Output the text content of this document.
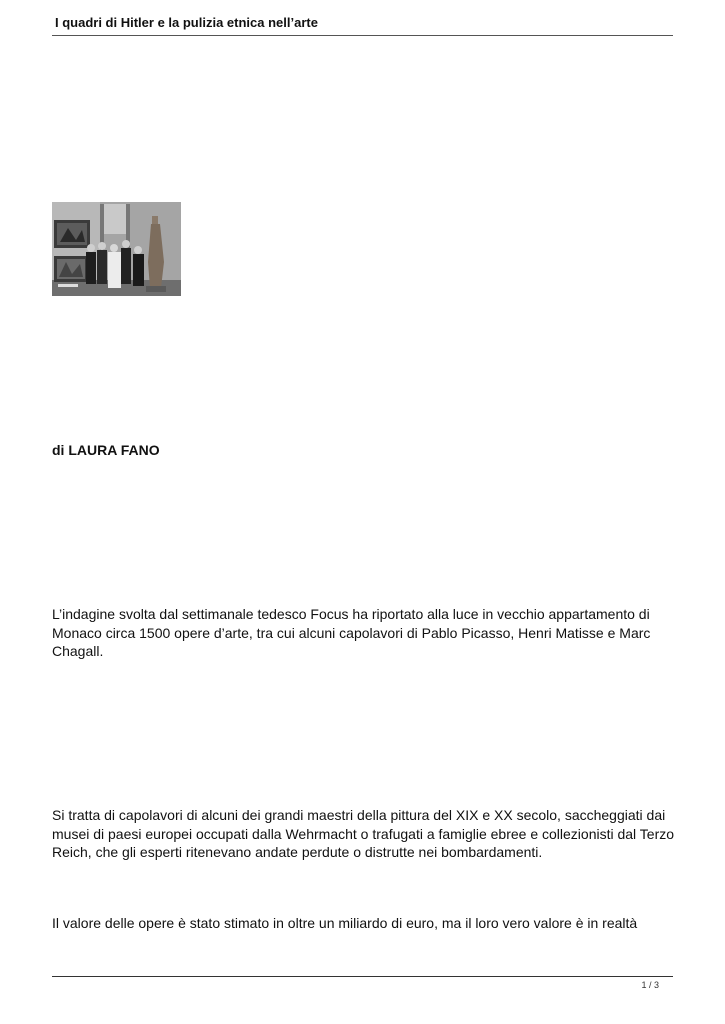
I quadri di Hitler e la pulizia etnica nell’arte
di LAURA FANO

L’indagine svolta dal settimanale tedesco Focus ha riportato alla luce in vecchio appartamento di Monaco circa 1500 opere d’arte, tra cui alcuni capolavori di Pablo Picasso, Henri Matisse e Marc Chagall.

Si tratta di capolavori di alcuni dei grandi maestri della pittura del XIX e XX secolo, saccheggiati dai musei di paesi europei occupati dalla Wehrmacht o trafugati a famiglie ebree e collezionisti dal Terzo Reich, che gli esperti ritenevano andate perdute o distrutte nei bombardamenti.

Il valore delle opere è stato stimato in oltre un miliardo di euro, ma il loro vero valore è in realtà

1 / 3
